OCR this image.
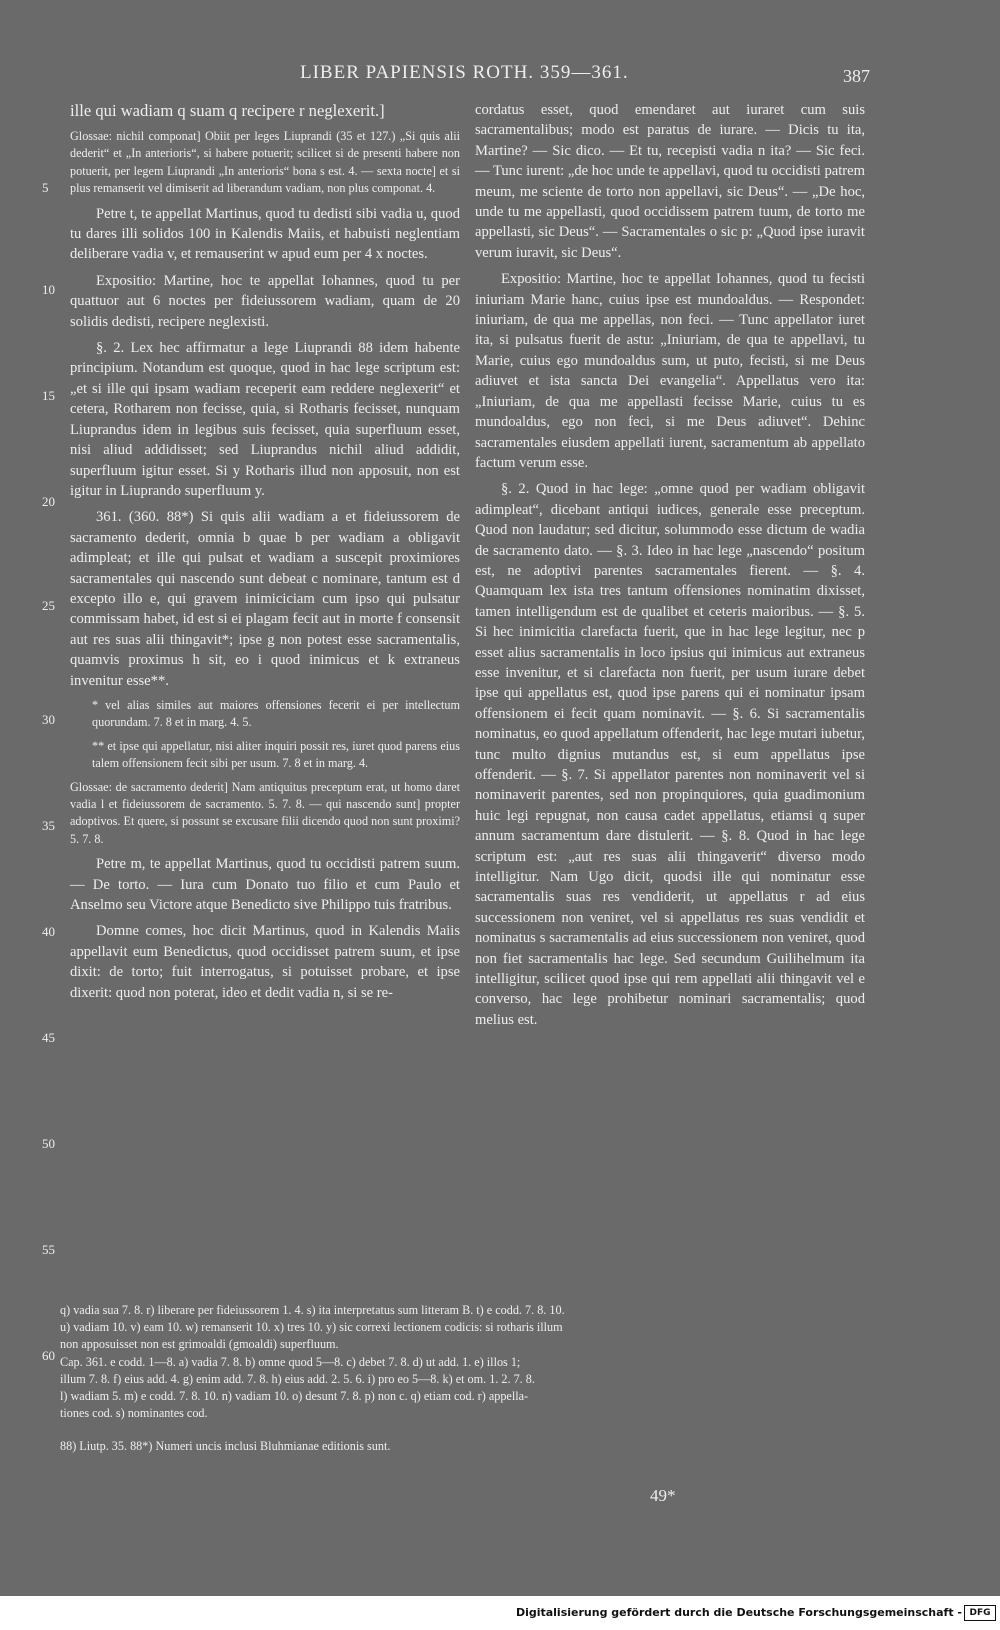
LIBER PAPIENSIS ROTH. 359—361.	387
5
10
15
20
25
30
35
40
45
50
55
60

ille qui wadiam q suam q recipere r neglexerit.]

Glossae: nichil componat] Obiit per leges Liuprandi (35 et 127.) „Si quis alii dederit“ et „In anterioris“, si habere potuerit; scilicet si de presenti habere non potuerit, per legem Liuprandi „In anterioris“ bona s est. 4. — sexta nocte] et si plus remanserit vel dimiserit ad liberandum vadiam, non plus componat. 4.

Petre t, te appellat Martinus, quod tu dedisti sibi vadia u, quod tu dares illi solidos 100 in Kalendis Maiis, et habuisti neglentiam deliberare vadia v, et remauserint w apud eum per 4 x noctes.

Expositio: Martine, hoc te appellat Iohannes, quod tu per quattuor aut 6 noctes per fideiussorem wadiam, quam de 20 solidis dedisti, recipere neglexisti.

§. 2. Lex hec affirmatur a lege Liuprandi 88 idem habente principium. Notandum est quoque, quod in hac lege scriptum est: „et si ille qui ipsam wadiam receperit eam reddere neglexerit“ et cetera, Rotharem non fecisse, quia, si Rotharis fecisset, nunquam Liuprandus idem in legibus suis fecisset, quia superfluum esset, nisi aliud addidisset; sed Liuprandus nichil aliud addidit, superfluum igitur esset. Si y Rotharis illud non apposuit, non est igitur in Liuprando superfluum y.

361. (360. 88*) Si quis alii wadiam a et fideiussorem de sacramento dederit, omnia b quae b per wadiam a obligavit adimpleat; et ille qui pulsat et wadiam a suscepit proximiores sacramentales qui nascendo sunt debeat c nominare, tantum est d excepto illo e, qui gravem inimiciciam cum ipso qui pulsatur commissam habet, id est si ei plagam fecit aut in morte f consensit aut res suas alii thingavit*; ipse g non potest esse sacramentalis, quamvis proximus h sit, eo i quod inimicus et k extraneus invenitur esse**.

* vel alias similes aut maiores offensiones fecerit ei per intellectum quorundam. 7. 8 et in marg. 4. 5.

** et ipse qui appellatur, nisi aliter inquiri possit res, iuret quod parens eius talem offensionem fecit sibi per usum. 7. 8 et in marg. 4.

Glossae: de sacramento dederit] Nam antiquitus preceptum erat, ut homo daret vadia l et fideiussorem de sacramento. 5. 7. 8. — qui nascendo sunt] propter adoptivos. Et quere, si possunt se excusare filii dicendo quod non sunt proximi? 5. 7. 8.

Petre m, te appellat Martinus, quod tu occidisti patrem suum. — De torto. — Iura cum Donato tuo filio et cum Paulo et Anselmo seu Victore atque Benedicto sive Philippo tuis fratribus.

Domne comes, hoc dicit Martinus, quod in Kalendis Maiis appellavit eum Benedictus, quod occidisset patrem suum, et ipse dixit: de torto; fuit interrogatus, si potuisset probare, et ipse dixerit: quod non poterat, ideo et dedit vadia n, si se re-

cordatus esset, quod emendaret aut iuraret cum suis sacramentalibus; modo est paratus de iurare. — Dicis tu ita, Martine? — Sic dico. — Et tu, recepisti vadia n ita? — Sic feci. — Tunc iurent: „de hoc unde te appellavi, quod tu occidisti patrem meum, me sciente de torto non appellavi, sic Deus“. — „De hoc, unde tu me appellasti, quod occidissem patrem tuum, de torto me appellasti, sic Deus“. — Sacramentales o sic p: „Quod ipse iuravit verum iuravit, sic Deus“.

Expositio: Martine, hoc te appellat Iohannes, quod tu fecisti iniuriam Marie hanc, cuius ipse est mundoaldus. — Respondet: iniuriam, de qua me appellas, non feci. — Tunc appellator iuret ita, si pulsatus fuerit de astu: „Iniuriam, de qua te appellavi, tu Marie, cuius ego mundoaldus sum, ut puto, fecisti, si me Deus adiuvet et ista sancta Dei evangelia“. Appellatus vero ita: „Iniuriam, de qua me appellasti fecisse Marie, cuius tu es mundoaldus, ego non feci, si me Deus adiuvet“. Dehinc sacramentales eiusdem appellati iurent, sacramentum ab appellato factum verum esse.

§. 2. Quod in hac lege: „omne quod per wadiam obligavit adimpleat“, dicebant antiqui iudices, generale esse preceptum. Quod non laudatur; sed dicitur, solummodo esse dictum de wadia de sacramento dato. — §. 3. Ideo in hac lege „nascendo“ positum est, ne adoptivi parentes sacramentales fierent. — §. 4. Quamquam lex ista tres tantum offensiones nominatim dixisset, tamen intelligendum est de qualibet et ceteris maioribus. — §. 5. Si hec inimicitia clarefacta fuerit, que in hac lege legitur, nec p esset alius sacramentalis in loco ipsius qui inimicus aut extraneus esse invenitur, et si clarefacta non fuerit, per usum iurare debet ipse qui appellatus est, quod ipse parens qui ei nominatur ipsam offensionem ei fecit quam nominavit. — §. 6. Si sacramentalis nominatus, eo quod appellatum offenderit, hac lege mutari iubetur, tunc multo dignius mutandus est, si eum appellatus ipse offenderit. — §. 7. Si appellator parentes non nominaverit vel si nominaverit parentes, sed non propinquiores, quia guadimonium huic legi repugnat, non causa cadet appellatus, etiamsi q super annum sacramentum dare distulerit. — §. 8. Quod in hac lege scriptum est: „aut res suas alii thingaverit“ diverso modo intelligitur. Nam Ugo dicit, quodsi ille qui nominatur esse sacramentalis suas res vendiderit, ut appellatus r ad eius successionem non veniret, vel si appellatus res suas vendidit et nominatus s sacramentalis ad eius successionem non veniret, quod non fiet sacramentalis hac lege. Sed secundum Guilihelmum ita intelligitur, scilicet quod ipse qui rem appellati alii thingavit vel e converso, hac lege prohibetur nominari sacramentalis; quod melius est.

q) vadia sua 7. 8. r) liberare per fideiussorem 1. 4. s) ita interpretatus sum litteram B. t) e codd. 7. 8. 10.
u) vadiam 10. v) eam 10. w) remanserit 10. x) tres 10. y) sic correxi lectionem codicis: si rotharis illum
non apposuisset non est grimoaldi (gmoaldi) superfluum.
Cap. 361. e codd. 1—8. a) vadia 7. 8. b) omne quod 5—8. c) debet 7. 8. d) ut add. 1. e) illos 1;
illum 7. 8. f) eius add. 4. g) enim add. 7. 8. h) eius add. 2. 5. 6. i) pro eo 5—8. k) et om. 1. 2. 7. 8.
l) wadiam 5. m) e codd. 7. 8. 10. n) vadiam 10. o) desunt 7. 8. p) non c. q) etiam cod. r) appella-
tiones cod. s) nominantes cod.
88) Liutp. 35. 88*) Numeri uncis inclusi Bluhmianae editionis sunt.
49*
Digitalisierung gefördert durch die Deutsche Forschungsgemeinschaft - DFG
